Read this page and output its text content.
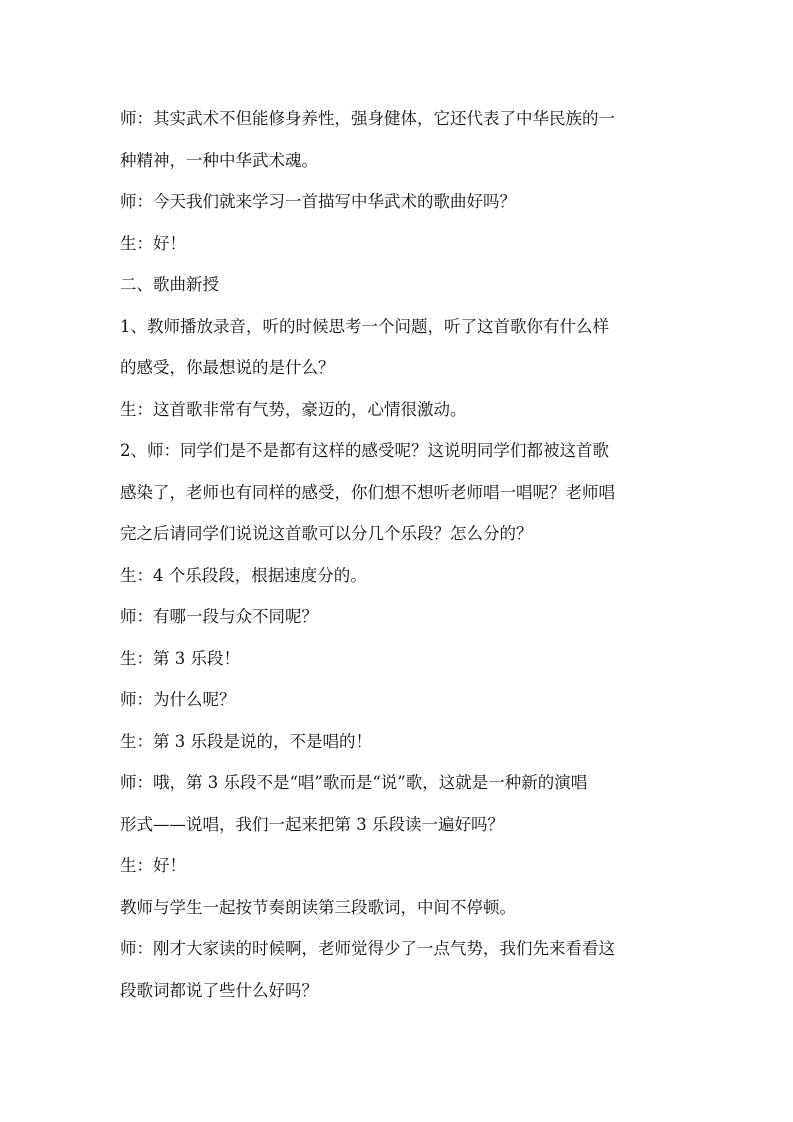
师：其实武术不但能修身养性，强身健体，它还代表了中华民族的一
种精神，一种中华武术魂。
师：今天我们就来学习一首描写中华武术的歌曲好吗？
生：好！
二、歌曲新授
1、教师播放录音，听的时候思考一个问题，听了这首歌你有什么样
的感受，你最想说的是什么？
生：这首歌非常有气势，豪迈的，心情很激动。
2、师：同学们是不是都有这样的感受呢？这说明同学们都被这首歌
感染了，老师也有同样的感受，你们想不想听老师唱一唱呢？老师唱
完之后请同学们说说这首歌可以分几个乐段？怎么分的？
生：4 个乐段段，根据速度分的。
师：有哪一段与众不同呢？
生：第 3 乐段！
师：为什么呢？
生：第 3 乐段是说的，不是唱的！
师：哦，第 3 乐段不是“唱”歌而是“说”歌，这就是一种新的演唱
形式——说唱，我们一起来把第 3 乐段读一遍好吗？
生：好！
教师与学生一起按节奏朗读第三段歌词，中间不停顿。
师：刚才大家读的时候啊，老师觉得少了一点气势，我们先来看看这
段歌词都说了些什么好吗？
